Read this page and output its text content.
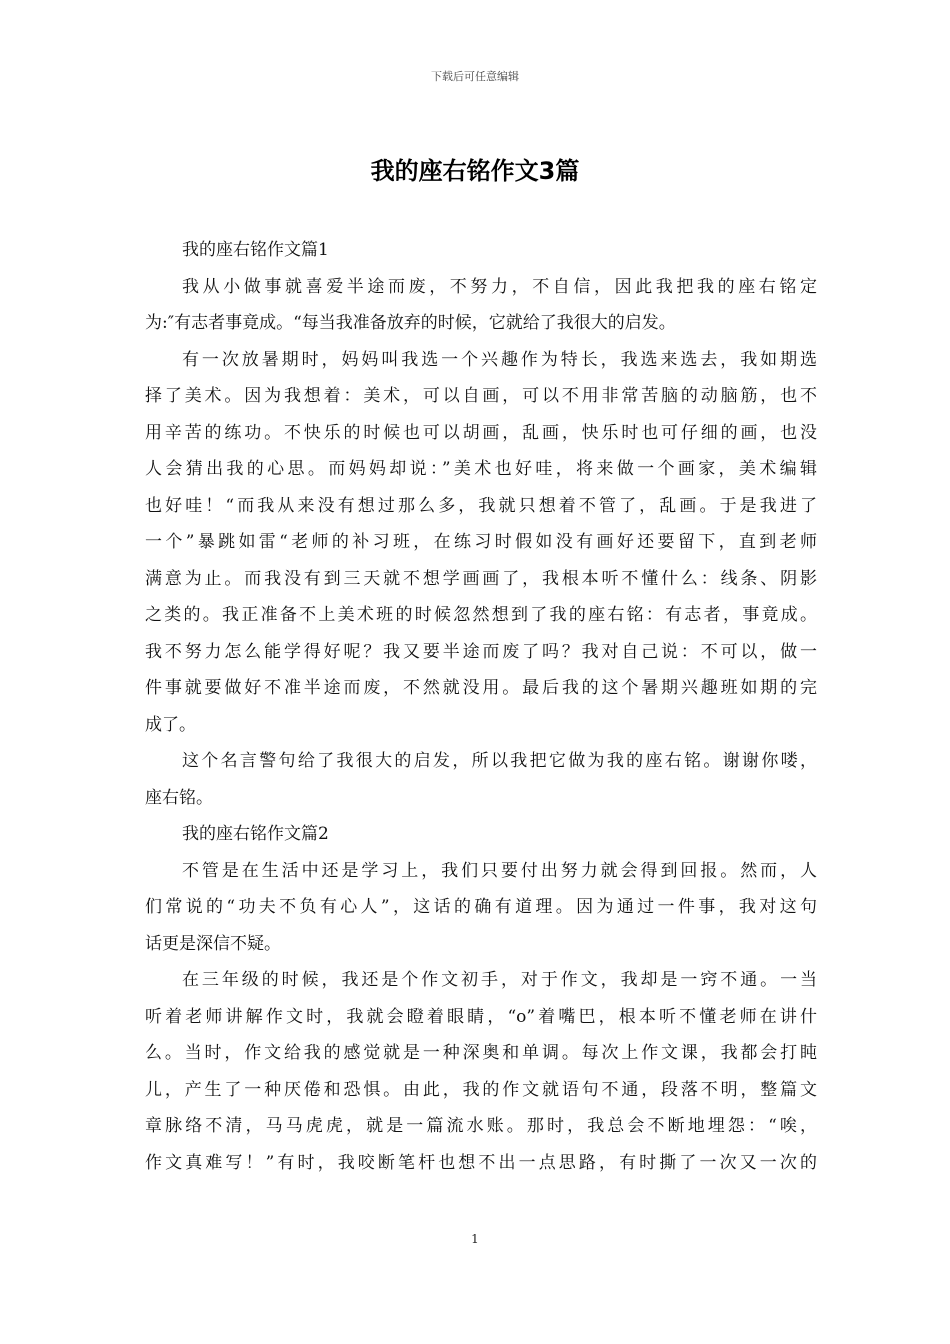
下载后可任意编辑
我的座右铭作文3篇
我的座右铭作文篇1
我从小做事就喜爱半途而废，不努力，不自信，因此我把我的座右铭定
为:″有志者事竟成。“每当我准备放弃的时候，它就给了我很大的启发。
有一次放暑期时，妈妈叫我选一个兴趣作为特长，我选来选去，我如期选
择了美术。因为我想着：美术，可以自画，可以不用非常苦脑的动脑筋，也不
用辛苦的练功。不快乐的时候也可以胡画，乱画，快乐时也可仔细的画，也没
人会猜出我的心思。而妈妈却说：”美术也好哇，将来做一个画家，美术编辑
也好哇！“而我从来没有想过那么多，我就只想着不管了，乱画。于是我进了
一个”暴跳如雷“老师的补习班，在练习时假如没有画好还要留下，直到老师
满意为止。而我没有到三天就不想学画画了，我根本听不懂什么：线条、阴影
之类的。我正准备不上美术班的时候忽然想到了我的座右铭：有志者，事竟成。
我不努力怎么能学得好呢？我又要半途而废了吗？我对自己说：不可以，做一
件事就要做好不准半途而废，不然就没用。最后我的这个暑期兴趣班如期的完
成了。
这个名言警句给了我很大的启发，所以我把它做为我的座右铭。谢谢你喽，
座右铭。
我的座右铭作文篇2
不管是在生活中还是学习上，我们只要付出努力就会得到回报。然而，人
们常说的“功夫不负有心人”，这话的确有道理。因为通过一件事，我对这句
话更是深信不疑。
在三年级的时候，我还是个作文初手，对于作文，我却是一窍不通。一当
听着老师讲解作文时，我就会瞪着眼睛，“o”着嘴巴，根本听不懂老师在讲什
么。当时，作文给我的感觉就是一种深奥和单调。每次上作文课，我都会打盹
儿，产生了一种厌倦和恐惧。由此，我的作文就语句不通，段落不明，整篇文
章脉络不清，马马虎虎，就是一篇流水账。那时，我总会不断地埋怨：“唉，
作文真难写！”有时，我咬断笔杆也想不出一点思路，有时撕了一次又一次的
1
